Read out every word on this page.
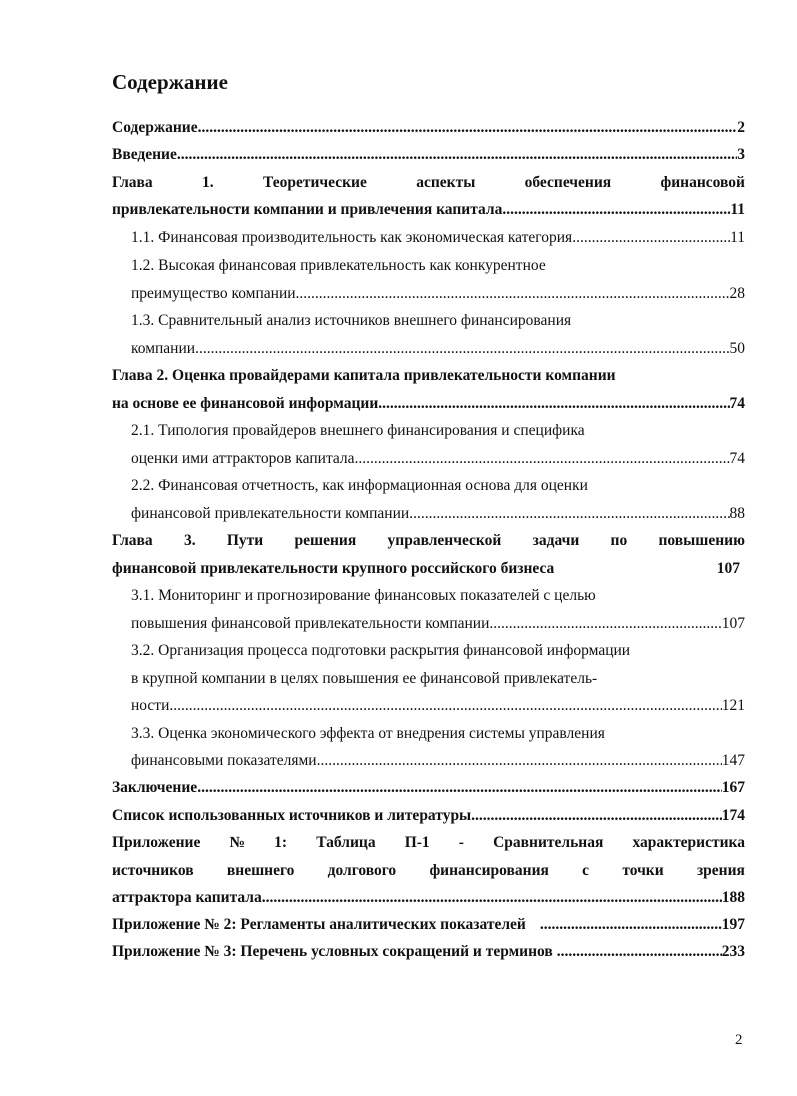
Содержание
Содержание .....	2
Введение .....	3
Глава	1.	Теоретические	аспекты	обеспечения	финансовой
привлекательности компании и привлечения капитала .....	11
1.1. Финансовая производительность как экономическая категория .....	11
1.2. Высокая финансовая привлекательность как конкурентное
преимущество компании .....	28
1.3. Сравнительный анализ источников внешнего финансирования
компании .....	50
Глава 2. Оценка провайдерами капитала привлекательности компании
на основе ее финансовой информации .....	74
2.1. Типология провайдеров внешнего финансирования и специфика
оценки ими аттракторов капитала .....	74
2.2. Финансовая отчетность, как информационная основа для оценки
финансовой привлекательности компании .....	88
Глава 3. Пути решения управленческой задачи по повышению
финансовой привлекательности крупного российского бизнеса	107
3.1. Мониторинг и прогнозирование финансовых показателей с целью
повышения финансовой привлекательности компании .....	107
3.2. Организация процесса подготовки раскрытия финансовой информации
в крупной компании в целях повышения ее финансовой привлекатель-
ности .....	121
3.3. Оценка экономического эффекта от внедрения системы управления
финансовыми показателями .....	147
Заключение .....	167
Список использованных источников и литературы .....	174
Приложение № 1: Таблица П-1 - Сравнительная характеристика
источников внешнего долгового финансирования с точки зрения
аттрактора капитала .....	188
Приложение № 2: Регламенты аналитических показателей .....	197
Приложение № 3: Перечень условных сокращений и терминов .....	233
2
